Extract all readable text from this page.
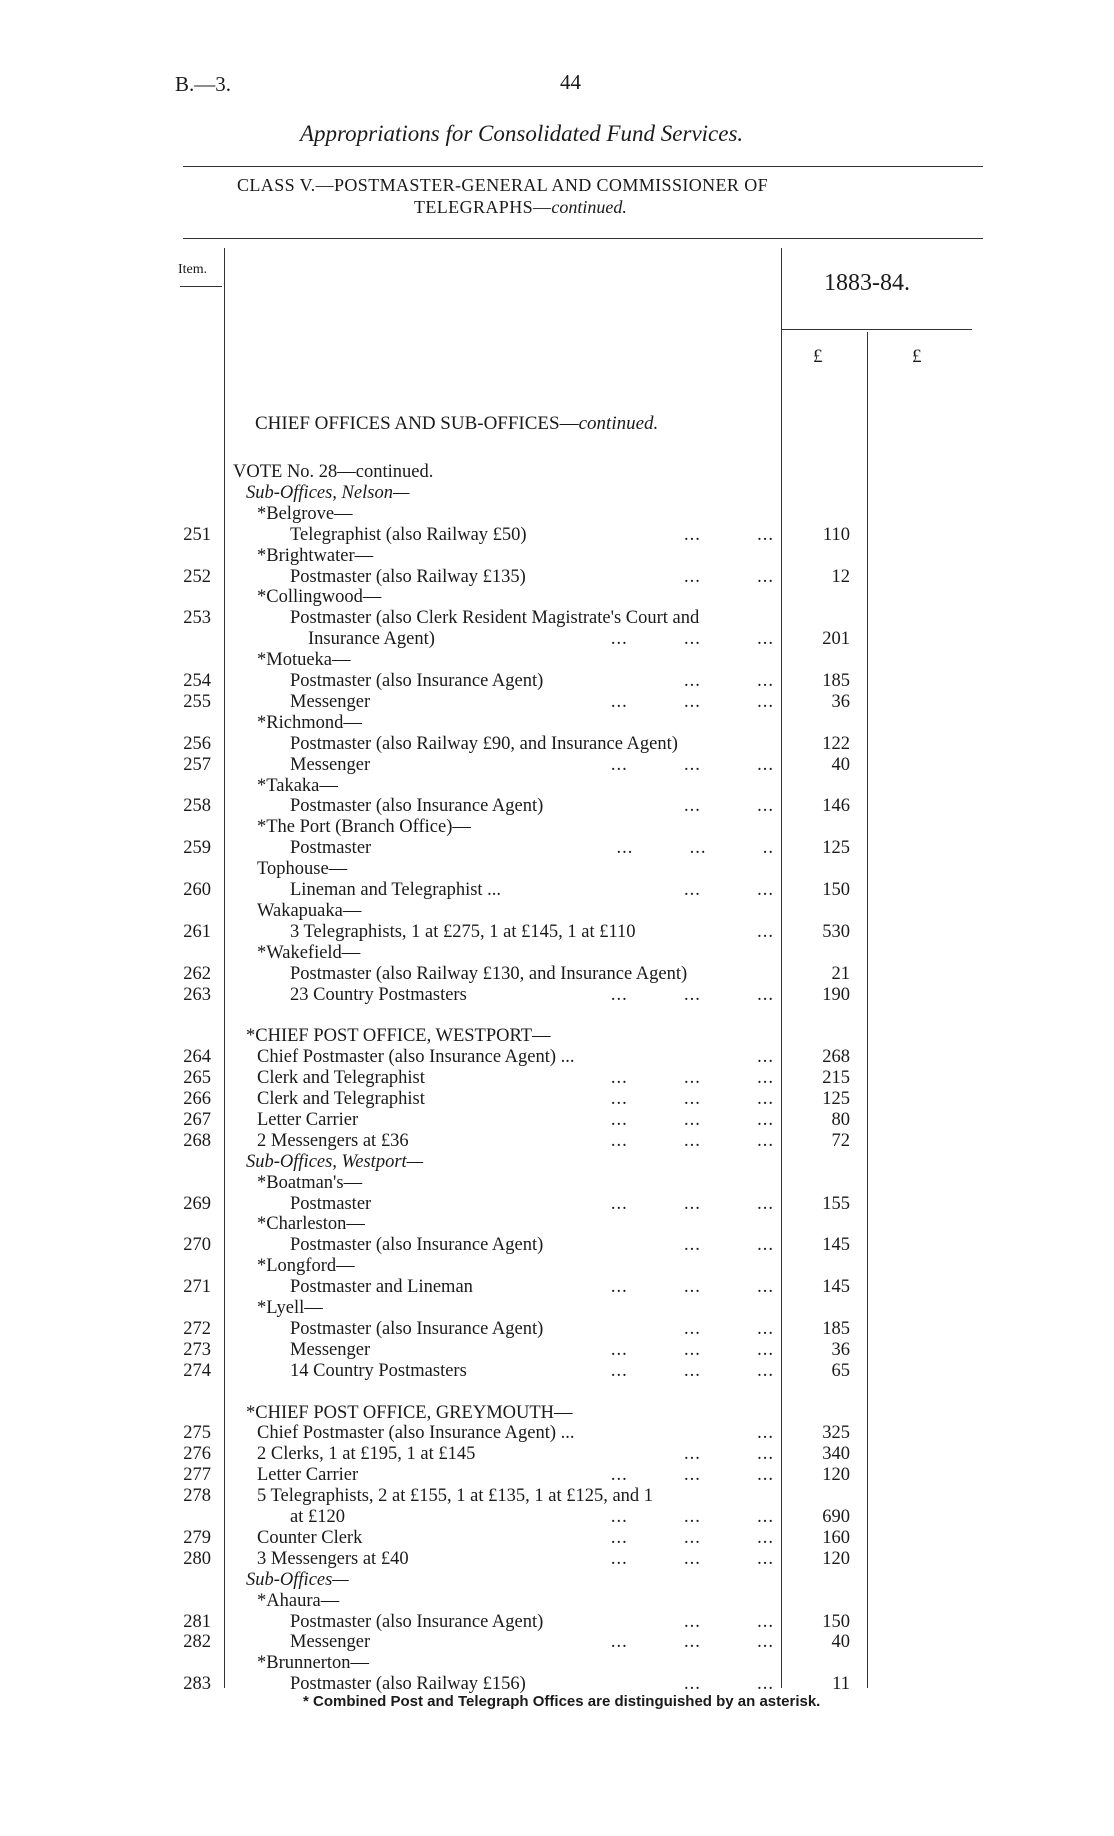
B.—3.	44
Appropriations for Consolidated Fund Services.
CLASS V.—POSTMASTER-GENERAL AND COMMISSIONER OF
TELEGRAPHS—continued.
Item.
1883-84.
£	£
CHIEF OFFICES AND SUB-OFFICES—continued.
VOTE No. 28—continued.
Sub-Offices, Nelson—
*Belgrove—
251	Telegraphist (also Railway £50)	...          ...	110
*Brightwater—
252	Postmaster (also Railway £135)	...          ...	12
*Collingwood—
253	Postmaster (also Clerk Resident Magistrate's Court and
Insurance Agent)	...          ...          ...	201
*Motueka—
254	Postmaster (also Insurance Agent)	...          ...	185
255	Messenger	...          ...          ...	36
*Richmond—
256	Postmaster (also Railway £90, and Insurance Agent)	122
257	Messenger	...          ...          ...	40
*Takaka—
258	Postmaster (also Insurance Agent)	...          ...	146
*The Port (Branch Office)—
259	Postmaster	...          ...          ..	125
Tophouse—
260	Lineman and Telegraphist ...	...          ...	150
Wakapuaka—
261	3 Telegraphists, 1 at £275, 1 at £145, 1 at £110	...	530
*Wakefield—
262	Postmaster (also Railway £130, and Insurance Agent)	21
263	23 Country Postmasters	...          ...          ...	190
*CHIEF POST OFFICE, WESTPORT—
264 Chief Postmaster (also Insurance Agent) ...	...	268
265 Clerk and Telegraphist	...          ...          ...	215
266 Clerk and Telegraphist	...          ...          ...	125
267 Letter Carrier	...          ...          ...	80
268 2 Messengers at £36	...          ...          ...	72
Sub-Offices, Westport—
*Boatman's—
269	Postmaster	...          ...          ...	155
*Charleston—
270	Postmaster (also Insurance Agent)	...          ...	145
*Longford—
271	Postmaster and Lineman	...          ...          ...	145
*Lyell—
272	Postmaster (also Insurance Agent)	...          ...	185
273	Messenger	...          ...          ...	36
274	14 Country Postmasters	...          ...          ...	65
*CHIEF POST OFFICE, GREYMOUTH—
275 Chief Postmaster (also Insurance Agent) ...	...	325
276 2 Clerks, 1 at £195, 1 at £145	...          ...	340
277 Letter Carrier	...          ...          ...	120
278 5 Telegraphists, 2 at £155, 1 at £135, 1 at £125, and 1
at £120	...          ...          ...	690
279 Counter Clerk	...          ...          ...	160
280 3 Messengers at £40	...          ...          ...	120
Sub-Offices—
*Ahaura—
281	Postmaster (also Insurance Agent)	...          ...	150
282	Messenger	...          ...          ...	40
*Brunnerton—
283	Postmaster (also Railway £156)	...          ...	11
* Combined Post and Telegraph Offices are distinguished by an asterisk.
